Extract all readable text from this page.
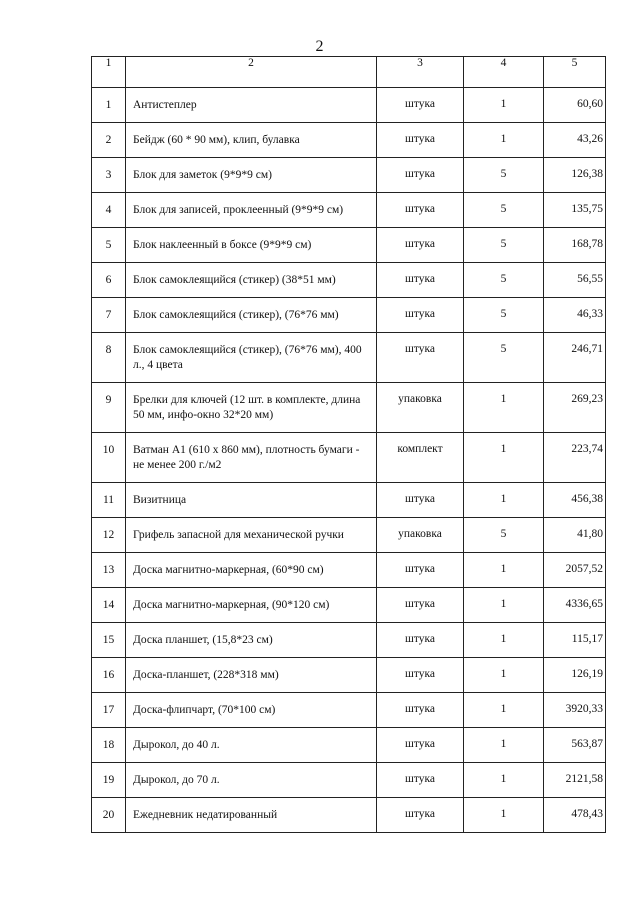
2
1	2	3	4	5
1	Антистеплер	штука	1	60,60
2	Бейдж (60 * 90 мм), клип, булавка	штука	1	43,26
3	Блок для заметок (9*9*9 см)	штука	5	126,38
4	Блок для записей, проклеенный (9*9*9 см)	штука	5	135,75
5	Блок наклеенный в боксе (9*9*9 см)	штука	5	168,78
6	Блок самоклеящийся (стикер) (38*51 мм)	штука	5	56,55
7	Блок самоклеящийся (стикер), (76*76 мм)	штука	5	46,33
8	Блок самоклеящийся (стикер), (76*76 мм), 400 л., 4 цвета	штука	5	246,71
9	Брелки для ключей (12 шт. в комплекте, длина 50 мм, инфо-окно 32*20 мм)	упаковка	1	269,23
10	Ватман А1 (610 х 860 мм), плотность бумаги - не менее 200 г./м2	комплект	1	223,74
11	Визитница	штука	1	456,38
12	Грифель запасной для механической ручки	упаковка	5	41,80
13	Доска магнитно-маркерная, (60*90 см)	штука	1	2057,52
14	Доска магнитно-маркерная, (90*120 см)	штука	1	4336,65
15	Доска планшет, (15,8*23 см)	штука	1	115,17
16	Доска-планшет, (228*318 мм)	штука	1	126,19
17	Доска-флипчарт, (70*100 см)	штука	1	3920,33
18	Дырокол, до 40 л.	штука	1	563,87
19	Дырокол, до 70 л.	штука	1	2121,58
20	Ежедневник недатированный	штука	1	478,43
